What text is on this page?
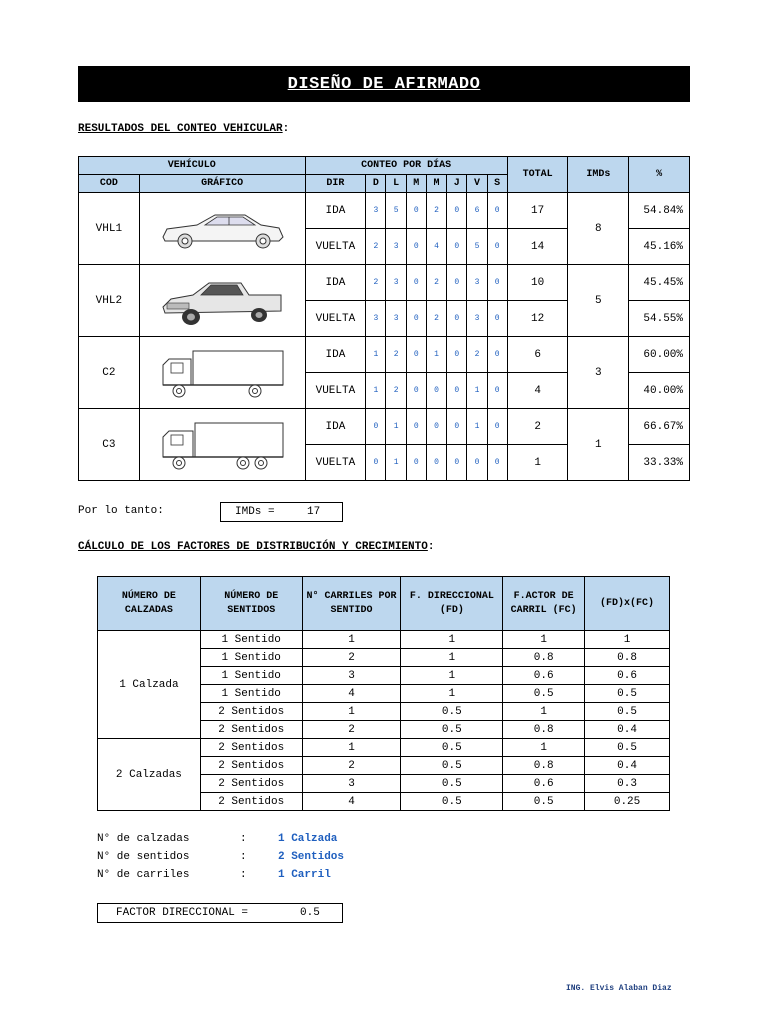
DISEÑO DE AFIRMADO
RESULTADOS DEL CONTEO VEHICULAR:
VEHÍCULO		CONTEO POR DÍAS								TOTAL	IMDs	%
COD	GRÁFICO	DIR	D	L	M	M	J	V	S			
VHL1		IDA	3	5	0	2	0	6	0	17	8	54.84%
		VUELTA	2	3	0	4	0	5	0	14		45.16%
VHL2		IDA	2	3	0	2	0	3	0	10	5	45.45%
		VUELTA	3	3	0	2	0	3	0	12		54.55%
C2		IDA	1	2	0	1	0	2	0	6	3	60.00%
		VUELTA	1	2	0	0	0	1	0	4		40.00%
C3		IDA	0	1	0	0	0	1	0	2	1	66.67%
		VUELTA	0	1	0	0	0	0	0	1		33.33%
Por lo tanto:	IMDs =	17
CÁLCULO DE LOS FACTORES DE DISTRIBUCIÓN Y CRECIMIENTO:
NÚMERO DE CALZADAS	NÚMERO DE SENTIDOS	N° CARRILES POR SENTIDO	F. DIRECCIONAL (FD)	F.ACTOR DE CARRIL (FC)	(FD)x(FC)
1 Calzada	1 Sentido	1	1	1	1
	1 Sentido	2	1	0.8	0.8
	1 Sentido	3	1	0.6	0.6
	1 Sentido	4	1	0.5	0.5
	2 Sentidos	1	0.5	1	0.5
	2 Sentidos	2	0.5	0.8	0.4
2 Calzadas	2 Sentidos	1	0.5	1	0.5
	2 Sentidos	2	0.5	0.8	0.4
	2 Sentidos	3	0.5	0.6	0.3
	2 Sentidos	4	0.5	0.5	0.25
N° de calzadas	:	1 Calzada
N° de sentidos	:	2 Sentidos
N° de carriles	:	1 Carril
FACTOR DIRECCIONAL =	0.5
ING. Elvis Alaban Diaz
